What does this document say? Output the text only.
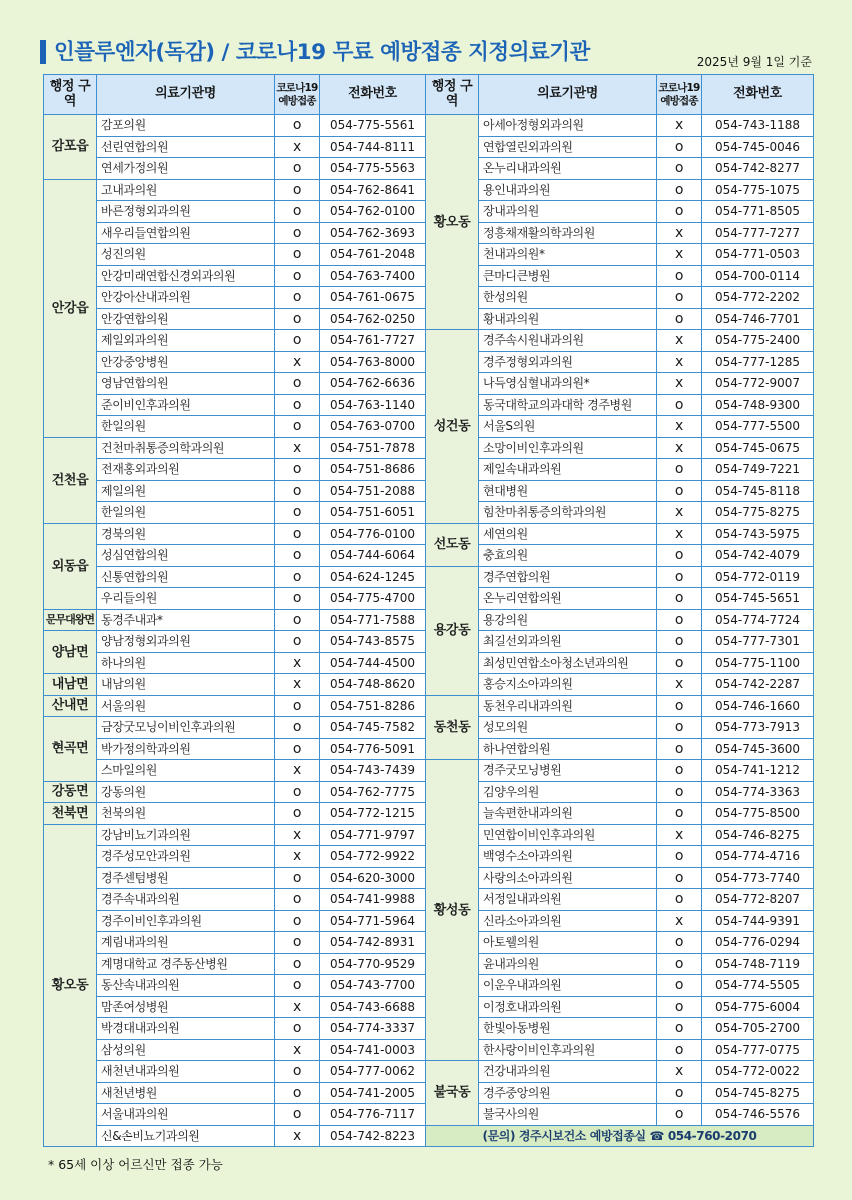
인플루엔자(독감) / 코로나19 무료 예방접종 지정의료기관	2025년 9월 1일 기준
행정 구역	의료기관명	코로나19 예방접종	전화번호	행정 구역	의료기관명	코로나19 예방접종	전화번호
감포읍	감포의원	o	054-775-5561	황오동	아세아정형외과의원	x	054-743-1188
	선린연합의원	x	054-744-8111		연합열린외과의원	o	054-745-0046
	연세가정의원	o	054-775-5563		온누리내과의원	o	054-742-8277
안강읍	고내과의원	o	054-762-8641		용인내과의원	o	054-775-1075
	바른정형외과의원	o	054-762-0100		장내과의원	o	054-771-8505
	새우리들연합의원	o	054-762-3693		정흥채재활의학과의원	x	054-777-7277
	성진의원	o	054-761-2048		천내과의원*	x	054-771-0503
	안강미래연합신경외과의원	o	054-763-7400		큰마디큰병원	o	054-700-0114
	안강아산내과의원	o	054-761-0675		한성의원	o	054-772-2202
	안강연합의원	o	054-762-0250		황내과의원	o	054-746-7701
	제일외과의원	o	054-761-7727	성건동	경주속시원내과의원	x	054-775-2400
	안강중앙병원	x	054-763-8000		경주정형외과의원	x	054-777-1285
	영남연합의원	o	054-762-6636		나득영심혈내과의원*	x	054-772-9007
	준이비인후과의원	o	054-763-1140		동국대학교의과대학 경주병원	o	054-748-9300
	한일의원	o	054-763-0700		서울S의원	x	054-777-5500
건천읍	건천마취통증의학과의원	x	054-751-7878		소망이비인후과의원	x	054-745-0675
	전재홍외과의원	o	054-751-8686		제일속내과의원	o	054-749-7221
	제일의원	o	054-751-2088		현대병원	o	054-745-8118
	한일의원	o	054-751-6051		힘찬마취통증의학과의원	x	054-775-8275
외동읍	경북의원	o	054-776-0100	선도동	세연의원	x	054-743-5975
	성심연합의원	o	054-744-6064		충효의원	o	054-742-4079
	신통연합의원	o	054-624-1245	용강동	경주연합의원	o	054-772-0119
	우리들의원	o	054-775-4700		온누리연합의원	o	054-745-5651
문무대왕면	동경주내과*	o	054-771-7588		용강의원	o	054-774-7724
양남면	양남정형외과의원	o	054-743-8575		최길선외과의원	o	054-777-7301
	하나의원	x	054-744-4500		최성민연합소아청소년과의원	o	054-775-1100
내남면	내남의원	x	054-748-8620		홍승지소아과의원	x	054-742-2287
산내면	서울의원	o	054-751-8286	동천동	동천우리내과의원	o	054-746-1660
현곡면	금장굿모닝이비인후과의원	o	054-745-7582		성모의원	o	054-773-7913
	박가정의학과의원	o	054-776-5091		하나연합의원	o	054-745-3600
	스마일의원	x	054-743-7439	황성동	경주굿모닝병원	o	054-741-1212
강동면	강동의원	o	054-762-7775		김양우의원	o	054-774-3363
천북면	천북의원	o	054-772-1215		늘속편한내과의원	o	054-775-8500
황오동	강남비뇨기과의원	x	054-771-9797		민연합이비인후과의원	x	054-746-8275
	경주성모안과의원	x	054-772-9922		백영수소아과의원	o	054-774-4716
	경주센텀병원	o	054-620-3000		사랑의소아과의원	o	054-773-7740
	경주속내과의원	o	054-741-9988		서정일내과의원	o	054-772-8207
	경주이비인후과의원	o	054-771-5964		신라소아과의원	x	054-744-9391
	계림내과의원	o	054-742-8931		아토웰의원	o	054-776-0294
	계명대학교 경주동산병원	o	054-770-9529		윤내과의원	o	054-748-7119
	동산속내과의원	o	054-743-7700		이운우내과의원	o	054-774-5505
	맘존여성병원	x	054-743-6688		이정호내과의원	o	054-775-6004
	박경대내과의원	o	054-774-3337		한빛아동병원	o	054-705-2700
	삼성의원	x	054-741-0003		한사랑이비인후과의원	o	054-777-0775
	새천년내과의원	o	054-777-0062	불국동	건강내과의원	x	054-772-0022
	새천년병원	o	054-741-2005		경주중앙의원	o	054-745-8275
	서울내과의원	o	054-776-7117		불국사의원	o	054-746-5576
	신&손비뇨기과의원	x	054-742-8223	(문의) 경주시보건소 예방접종실 ☎ 054-760-2070			
* 65세 이상 어르신만 접종 가능
